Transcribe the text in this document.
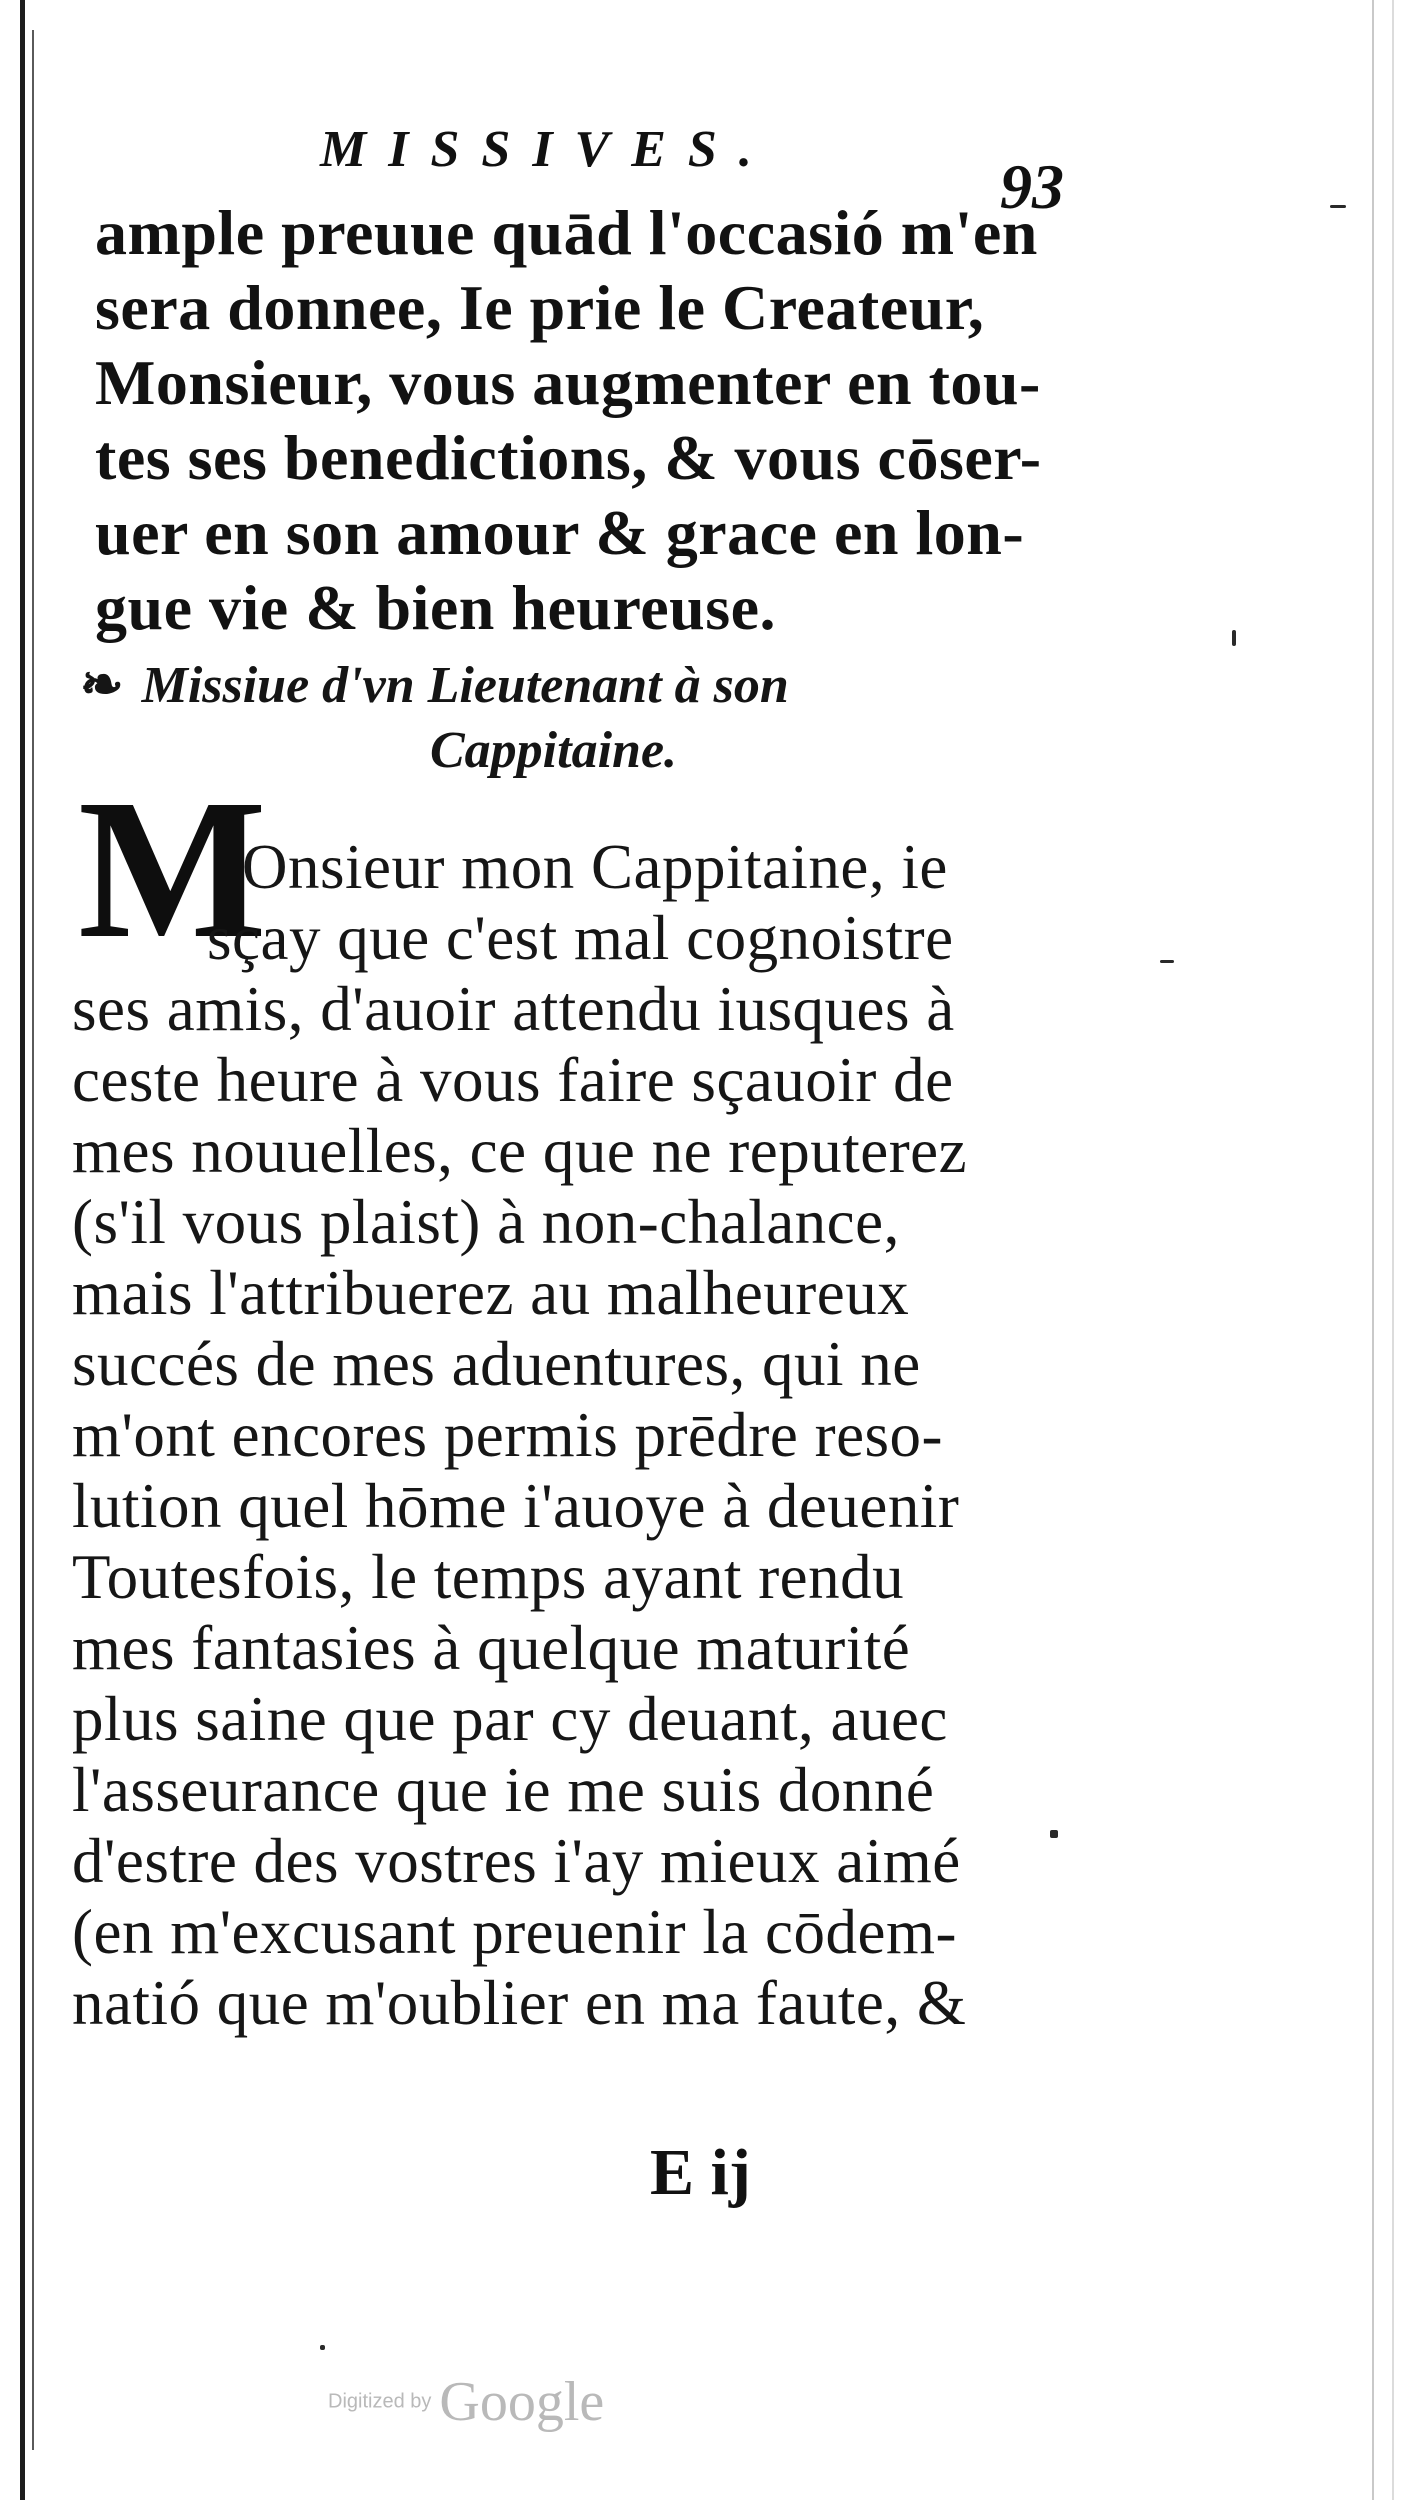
MISSIVES.
93
ample preuue quād l'occasió m'en
sera donnee, Ie prie le Createur,
Monsieur, vous augmenter en tou-
tes ses benedictions, & vous cōser-
uer en son amour & grace en lon-
gue vie & bien heureuse.
❧ Missiue d'vn Lieutenant à son
Cappitaine.
M
Onsieur mon Cappitaine, ie
sçay que c'est mal cognoistre
ses amis, d'auoir attendu iusques à
ceste heure à vous faire sçauoir de
mes nouuelles, ce que ne reputerez
(s'il vous plaist) à non-chalance,
mais l'attribuerez au malheureux
succés de mes aduentures, qui ne
m'ont encores permis prēdre reso-
lution quel hōme i'auoye à deuenir
Toutesfois, le temps ayant rendu
mes fantasies à quelque maturité
plus saine que par cy deuant, auec
l'asseurance que ie me suis donné
d'estre des vostres i'ay mieux aimé
(en m'excusant preuenir la cōdem-
natió que m'oublier en ma faute, &
E ij
Digitized by Google
